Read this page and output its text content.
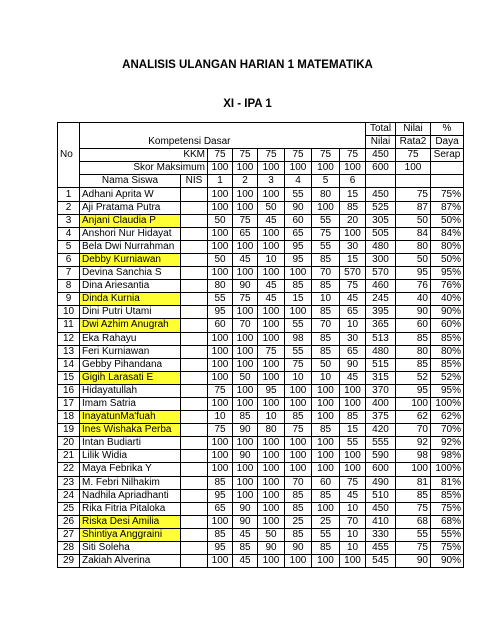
ANALISIS ULANGAN HARIAN 1 MATEMATIKA
XI - IPA 1
									Total	Nilai	%
	Kompetensi Dasar								Nilai	Rata2	Daya
No	KKM		75	75	75	75	75	75	450	75	Serap
	Skor Maksimum		100	100	100	100	100	100	600	100	
	Nama Siswa	NIS	1	2	3	4	5	6			
1	Adhani Aprita W		100	100	100	55	80	15	450	75	75%
2	Aji Pratama Putra		100	100	50	90	100	85	525	87	87%
3	Anjani Claudia P		50	75	45	60	55	20	305	50	50%
4	Anshori Nur Hidayat		100	65	100	65	75	100	505	84	84%
5	Bela Dwi Nurrahman		100	100	100	95	55	30	480	80	80%
6	Debby Kurniawan		50	45	10	95	85	15	300	50	50%
7	Devina Sanchia S		100	100	100	100	70	570	570	95	95%
8	Dina Ariesantia		80	90	45	85	85	75	460	76	76%
9	Dinda Kurnia		55	75	45	15	10	45	245	40	40%
10	Dini Putri Utami		95	100	100	100	85	65	395	90	90%
11	Dwi Azhim Anugrah		60	70	100	55	70	10	365	60	60%
12	Eka Rahayu		100	100	100	98	85	30	513	85	85%
13	Feri Kurniawan		100	100	75	55	85	65	480	80	80%
14	Gebby Pihandana		100	100	100	75	50	90	515	85	85%
15	Gigih Larasati E		100	50	100	10	10	45	315	52	52%
16	Hidayatullah		75	100	95	100	100	100	370	95	95%
17	Imam Satria		100	100	100	100	100	100	400	100	100%
18	InayatunMa'fuah		10	85	10	85	100	85	375	62	62%
19	Ines Wishaka Perba		75	90	80	75	85	15	420	70	70%
20	Intan Budiarti		100	100	100	100	100	55	555	92	92%
21	Lilik Widia		100	90	100	100	100	100	590	98	98%
22	Maya Febrika Y		100	100	100	100	100	100	600	100	100%
23	M. Febri Nilhakim		85	100	100	70	60	75	490	81	81%
24	Nadhila Apriadhanti		95	100	100	85	85	45	510	85	85%
25	Rika Fitria Pitaloka		65	90	100	85	100	10	450	75	75%
26	Riska Desi Amilia		100	90	100	25	25	70	410	68	68%
27	Shintiya Anggraini		85	45	50	85	55	10	330	55	55%
28	Siti Soleha		95	85	90	90	85	10	455	75	75%
29	Zakiah Alverina		100	45	100	100	100	100	545	90	90%
